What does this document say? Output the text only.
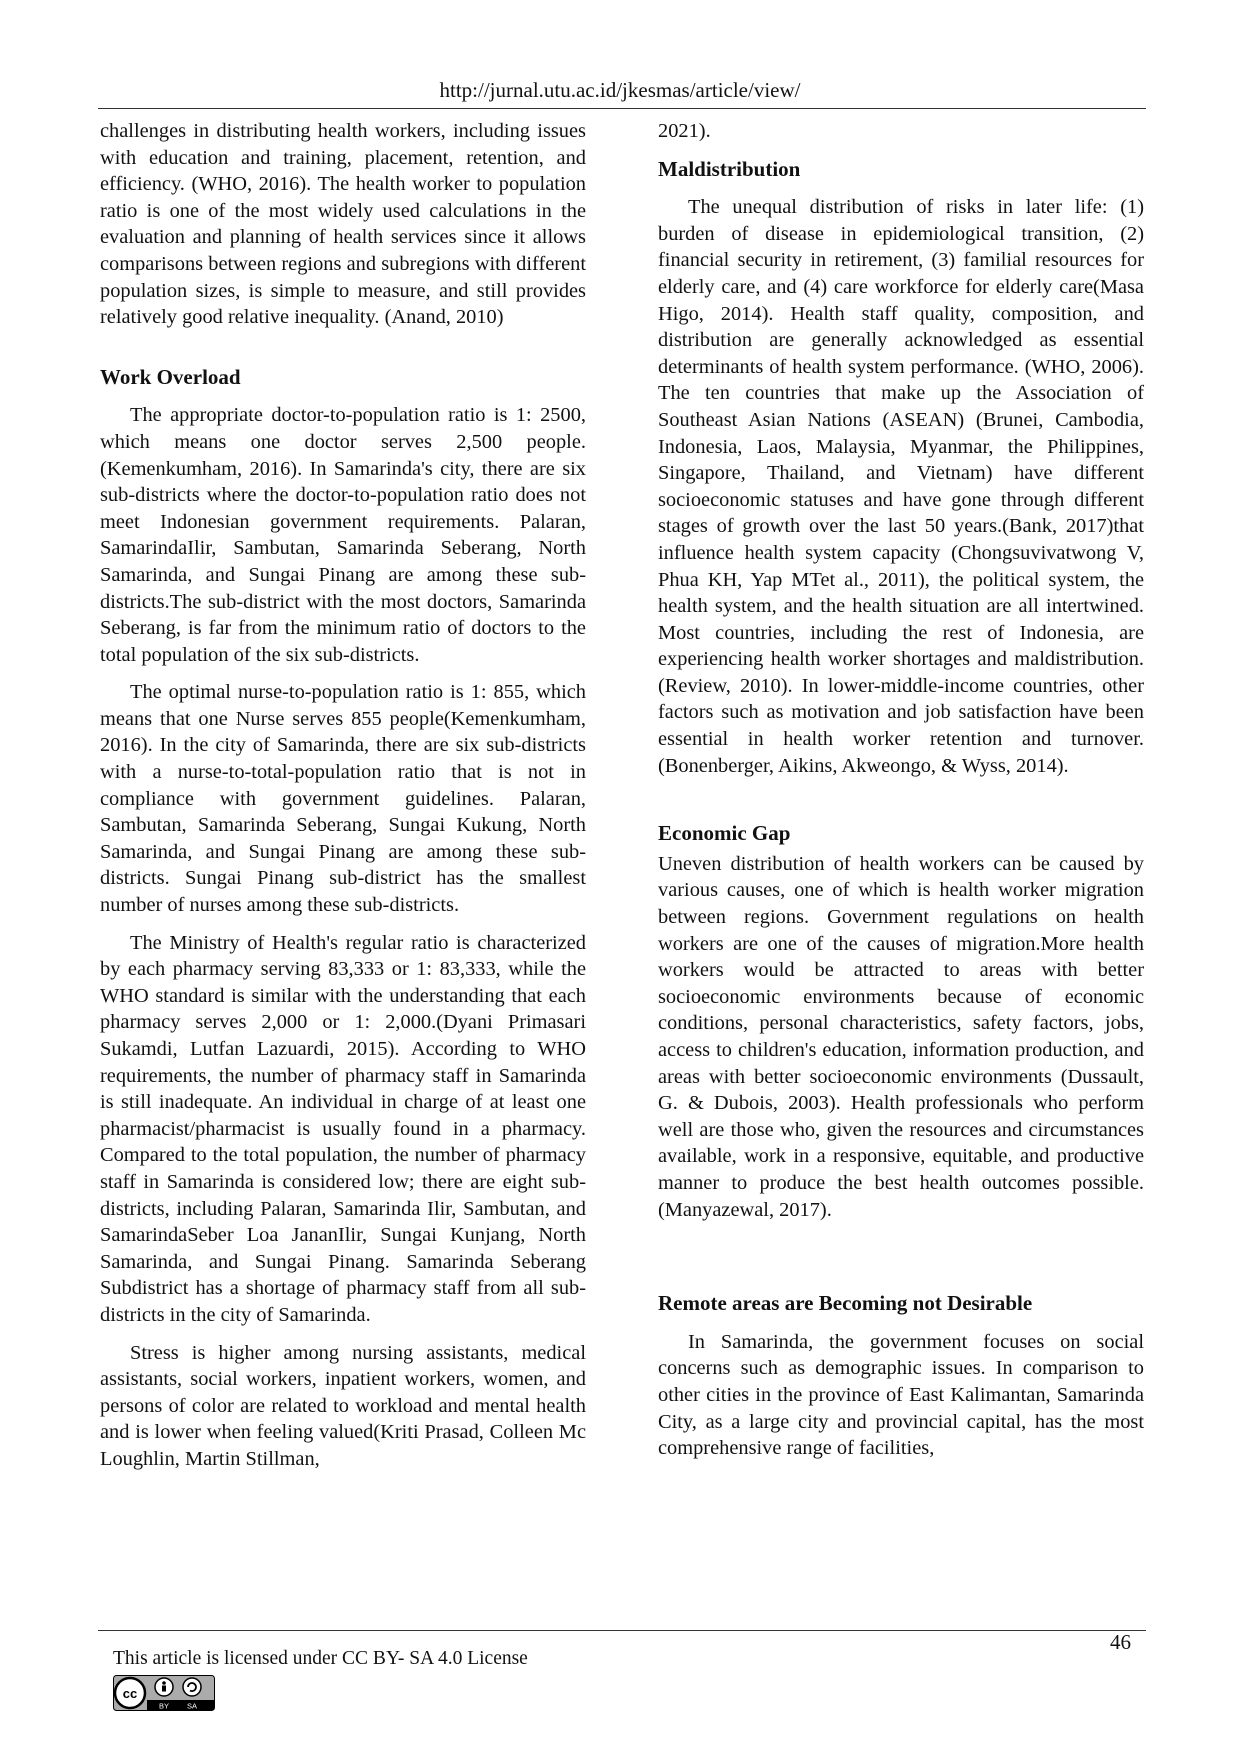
http://jurnal.utu.ac.id/jkesmas/article/view/

challenges in distributing health workers, including issues with education and training, placement, retention, and efficiency. (WHO, 2016). The health worker to population ratio is one of the most widely used calculations in the evaluation and planning of health services since it allows comparisons between regions and subregions with different population sizes, is simple to measure, and still provides relatively good relative inequality. (Anand, 2010)

Work Overload

The appropriate doctor-to-population ratio is 1: 2500, which means one doctor serves 2,500 people. (Kemenkumham, 2016). In Samarinda's city, there are six sub-districts where the doctor-to-population ratio does not meet Indonesian government requirements. Palaran, SamarindaIlir, Sambutan, Samarinda Seberang, North Samarinda, and Sungai Pinang are among these sub-districts.The sub-district with the most doctors, Samarinda Seberang, is far from the minimum ratio of doctors to the total population of the six sub-districts.

The optimal nurse-to-population ratio is 1: 855, which means that one Nurse serves 855 people(Kemenkumham, 2016). In the city of Samarinda, there are six sub-districts with a nurse-to-total-population ratio that is not in compliance with government guidelines. Palaran, Sambutan, Samarinda Seberang, Sungai Kukung, North Samarinda, and Sungai Pinang are among these sub-districts. Sungai Pinang sub-district has the smallest number of nurses among these sub-districts.

The Ministry of Health's regular ratio is characterized by each pharmacy serving 83,333 or 1: 83,333, while the WHO standard is similar with the understanding that each pharmacy serves 2,000 or 1: 2,000.(Dyani Primasari Sukamdi, Lutfan Lazuardi, 2015). According to WHO requirements, the number of pharmacy staff in Samarinda is still inadequate. An individual in charge of at least one pharmacist/pharmacist is usually found in a pharmacy. Compared to the total population, the number of pharmacy staff in Samarinda is considered low; there are eight sub-districts, including Palaran, Samarinda Ilir, Sambutan, and SamarindaSeber Loa JananIlir, Sungai Kunjang, North Samarinda, and Sungai Pinang. Samarinda Seberang Subdistrict has a shortage of pharmacy staff from all sub-districts in the city of Samarinda.

Stress is higher among nursing assistants, medical assistants, social workers, inpatient workers, women, and persons of color are related to workload and mental health and is lower when feeling valued(Kriti Prasad, Colleen Mc Loughlin, Martin Stillman,

2021).

Maldistribution

The unequal distribution of risks in later life: (1) burden of disease in epidemiological transition, (2) financial security in retirement, (3) familial resources for elderly care, and (4) care workforce for elderly care(Masa Higo, 2014). Health staff quality, composition, and distribution are generally acknowledged as essential determinants of health system performance. (WHO, 2006). The ten countries that make up the Association of Southeast Asian Nations (ASEAN) (Brunei, Cambodia, Indonesia, Laos, Malaysia, Myanmar, the Philippines, Singapore, Thailand, and Vietnam) have different socioeconomic statuses and have gone through different stages of growth over the last 50 years.(Bank, 2017)that influence health system capacity (Chongsuvivatwong V, Phua KH, Yap MTet al., 2011), the political system, the health system, and the health situation are all intertwined. Most countries, including the rest of Indonesia, are experiencing health worker shortages and maldistribution. (Review, 2010). In lower-middle-income countries, other factors such as motivation and job satisfaction have been essential in health worker retention and turnover. (Bonenberger, Aikins, Akweongo, & Wyss, 2014).

Economic Gap

Uneven distribution of health workers can be caused by various causes, one of which is health worker migration between regions. Government regulations on health workers are one of the causes of migration.More health workers would be attracted to areas with better socioeconomic environments because of economic conditions, personal characteristics, safety factors, jobs, access to children's education, information production, and areas with better socioeconomic environments (Dussault, G. & Dubois, 2003). Health professionals who perform well are those who, given the resources and circumstances available, work in a responsive, equitable, and productive manner to produce the best health outcomes possible. (Manyazewal, 2017).

Remote areas are Becoming not Desirable

In Samarinda, the government focuses on social concerns such as demographic issues. In comparison to other cities in the province of East Kalimantan, Samarinda City, as a large city and provincial capital, has the most comprehensive range of facilities,

46
This article is licensed under CC BY- SA 4.0 License
cc
BY SA
